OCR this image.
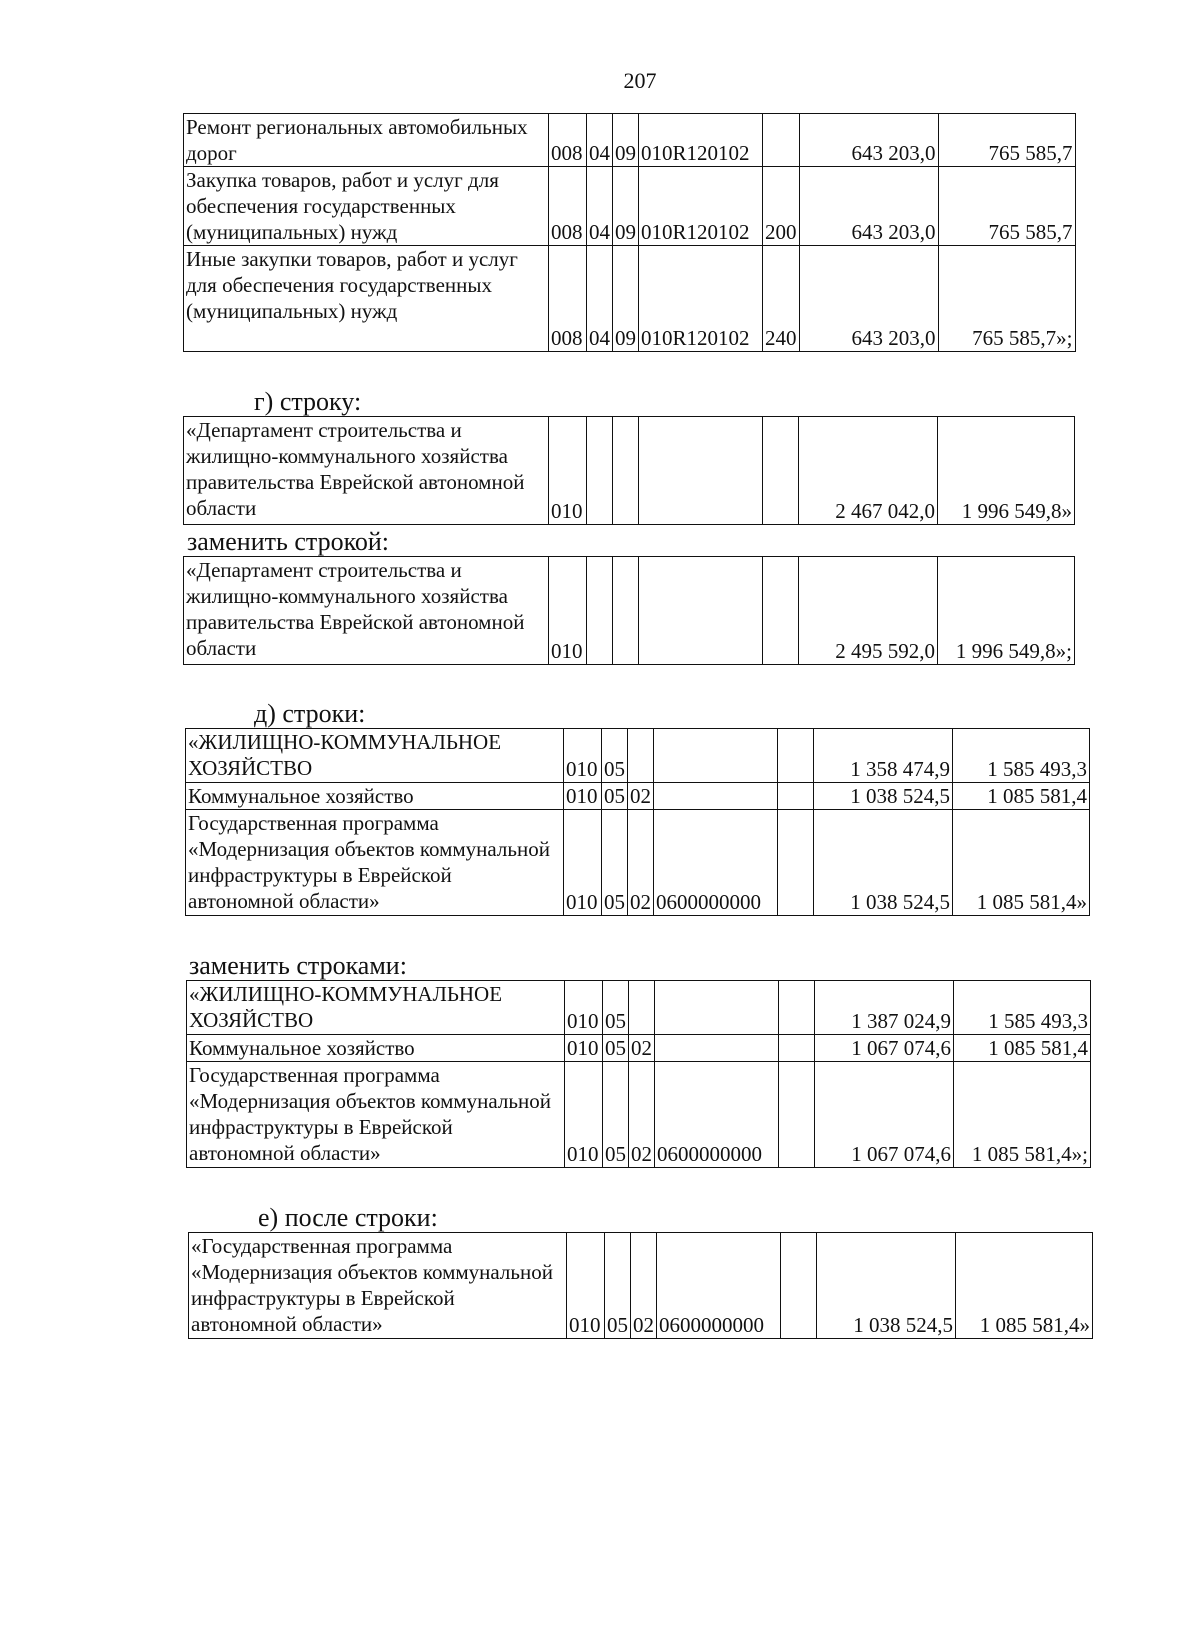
207
Ремонт региональных автомобильных дорог	008	04	09	010R120102		643 203,0	765 585,7
Закупка товаров, работ и услуг для обеспечения государственных (муниципальных) нужд	008	04	09	010R120102	200	643 203,0	765 585,7
Иные закупки товаров, работ и услуг для обеспечения государственных (муниципальных) нужд	008	04	09	010R120102	240	643 203,0	765 585,7»;
г) строку:
«Департамент строительства и жилищно-коммунального хозяйства правительства Еврейской автономной области	010					2 467 042,0	1 996 549,8»
заменить строкой:
«Департамент строительства и жилищно-коммунального хозяйства правительства Еврейской автономной области	010					2 495 592,0	1 996 549,8»;
д) строки:
«ЖИЛИЩНО-КОММУНАЛЬНОЕ ХОЗЯЙСТВО	010	05				1 358 474,9	1 585 493,3
Коммунальное хозяйство	010	05	02			1 038 524,5	1 085 581,4
Государственная программа «Модернизация объектов коммунальной инфраструктуры в Еврейской автономной области»	010	05	02	0600000000		1 038 524,5	1 085 581,4»
заменить строками:
«ЖИЛИЩНО-КОММУНАЛЬНОЕ ХОЗЯЙСТВО	010	05				1 387 024,9	1 585 493,3
Коммунальное хозяйство	010	05	02			1 067 074,6	1 085 581,4
Государственная программа «Модернизация объектов коммунальной инфраструктуры в Еврейской автономной области»	010	05	02	0600000000		1 067 074,6	1 085 581,4»;
е) после строки:
«Государственная программа «Модернизация объектов коммунальной инфраструктуры в Еврейской автономной области»	010	05	02	0600000000		1 038 524,5	1 085 581,4»
